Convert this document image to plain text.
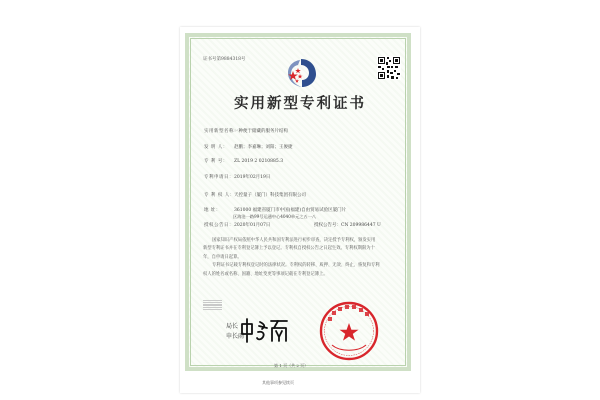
证书号第9884318号
实用新型专利证书
实用新型名称：一种便于储藏的服务片结构
发 明 人： 赵鹏；李嘉琳；刘阳；王俊捷
专 利 号： ZL 2019 2 0210885.3
专利申请日：2019年02月19日
专 利 权 人：天控量子（厦门）科技集团有限公司
地 址：	361000 福建省厦门市中国(福建)自由贸易试验区厦门片
区海沧一路99号运通中心4040单元之五一八
授权公告日：2020年01月07日	授权公告号：CN 209986447 U

国家知识产权局依照中华人民共和国专利法进行初步审查，决定授予专利权，颁发实用

新型专利证书并在专利登记簿上予以登记。专利权自授权公告之日起生效。专利权期限为十

年，自申请日起算。

专利证书记载专利权登记时的法律状况。专利权的转移、质押、无效、终止、恢复和专利

权人的姓名或名称、国籍、地址变更等事项记载在专利登记簿上。

局长
申长雨
第 1 页（共 2 页）
其他事项参见续页
